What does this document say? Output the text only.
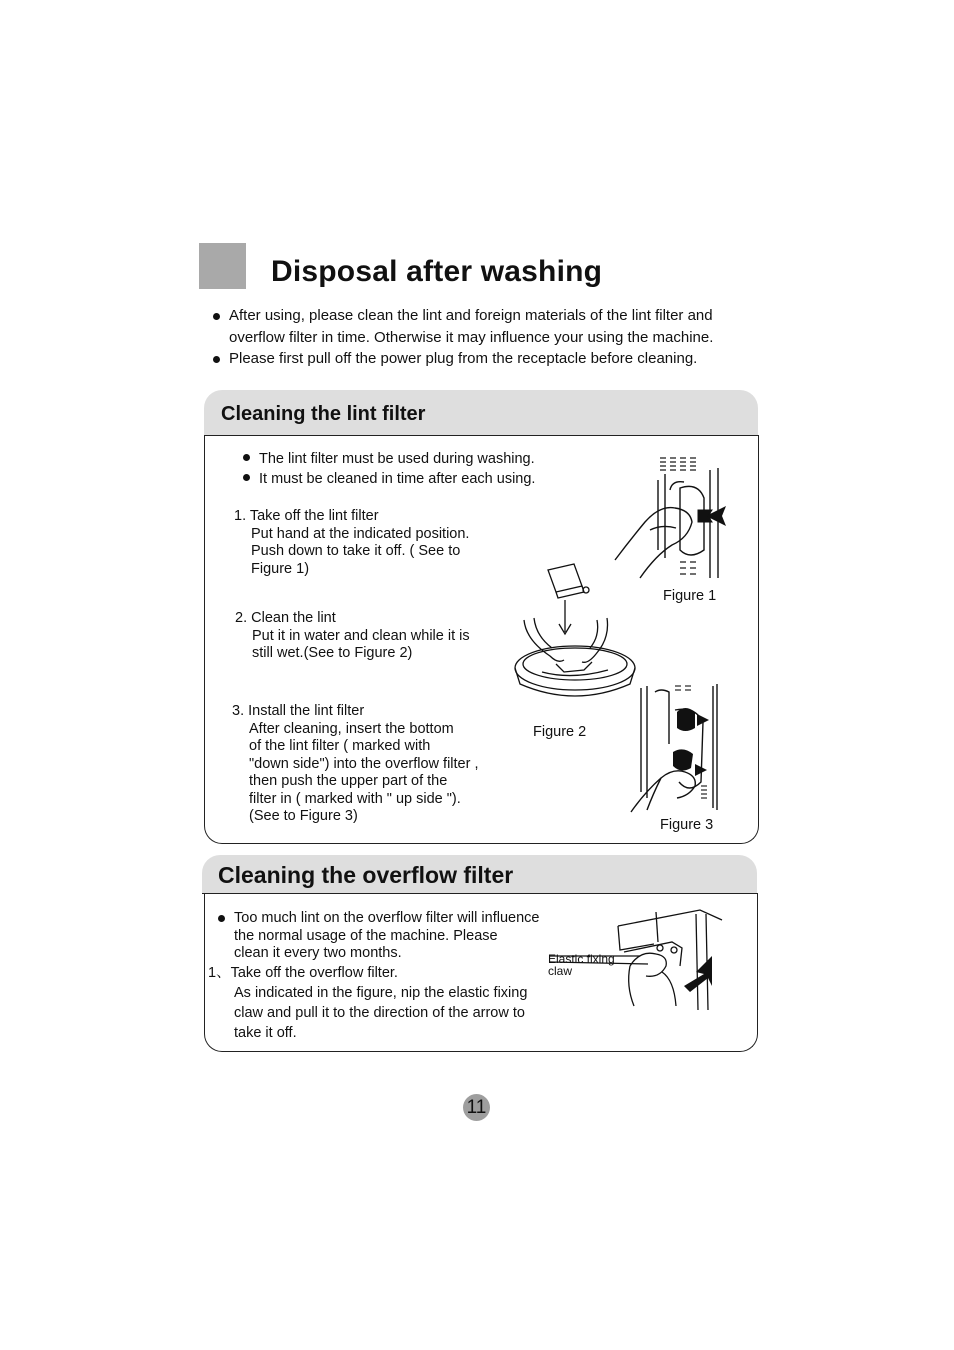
Disposal after washing
After using, please clean the lint and foreign materials of the lint filter and
overflow filter in time. Otherwise it may influence your using the machine.
Please first pull off the power plug from the receptacle before cleaning.
Cleaning the lint filter
The lint filter must be used during washing.
It must be cleaned in time after each using.
1. Take off the lint filter
Put hand at the indicated position.
Push down to take it off. ( See to
Figure 1)
2. Clean the lint
Put it in water and clean while it is
still wet.(See to Figure 2)
3. Install the lint filter
After cleaning, insert the bottom
of the lint filter ( marked with
"down side") into the overflow filter ,
then push the upper part of the
filter in ( marked with " up side ").
(See to Figure 3)
Figure 1
Figure 2
Figure 3
Cleaning the overflow filter
Too much lint on the overflow filter will influence
the normal usage of the machine. Please
clean it every two months.
1、Take off the overflow filter.
As indicated in the figure, nip the elastic fixing
claw and pull it to the direction of the arrow to
take it off.
Elastic fixing
claw
11
